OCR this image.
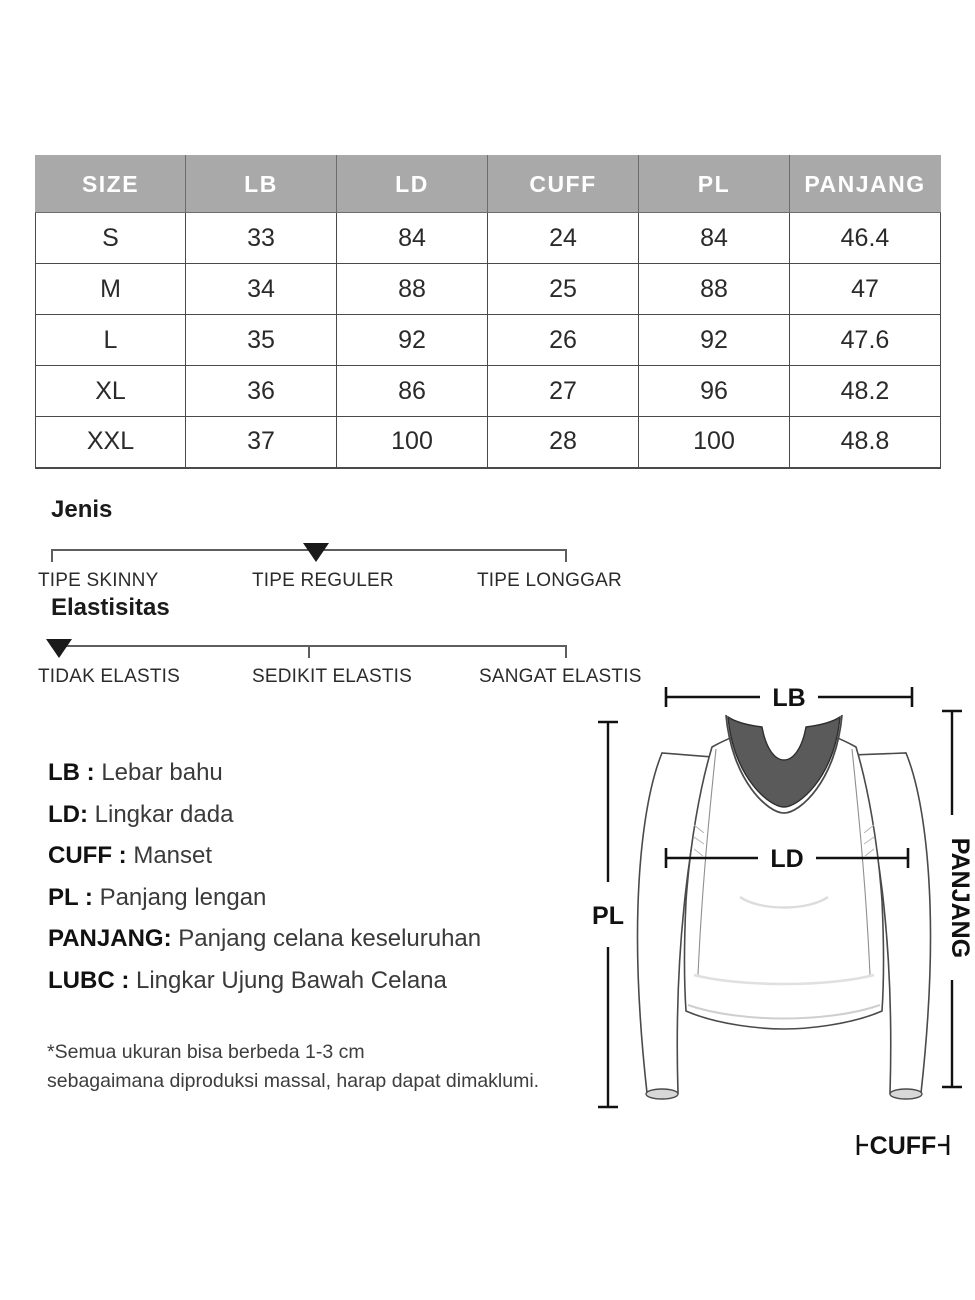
SIZE	LB	LD	CUFF	PL	PANJANG
S	33	84	24	84	46.4
M	34	88	25	88	47
L	35	92	26	92	47.6
XL	36	86	27	96	48.2
XXL	37	100	28	100	48.8
Jenis
TIPE SKINNY	TIPE REGULER	TIPE LONGGAR
Elastisitas
TIDAK ELASTIS	SEDIKIT ELASTIS	SANGAT ELASTIS
LB : Lebar bahu
LD: Lingkar dada
CUFF : Manset
PL : Panjang lengan
PANJANG: Panjang celana keseluruhan
LUBC : Lingkar Ujung Bawah Celana
*Semua ukuran bisa berbeda 1-3 cm
sebagaimana diproduksi massal, harap dapat dimaklumi.
LB
LD
PL	PANJANG
CUFF
